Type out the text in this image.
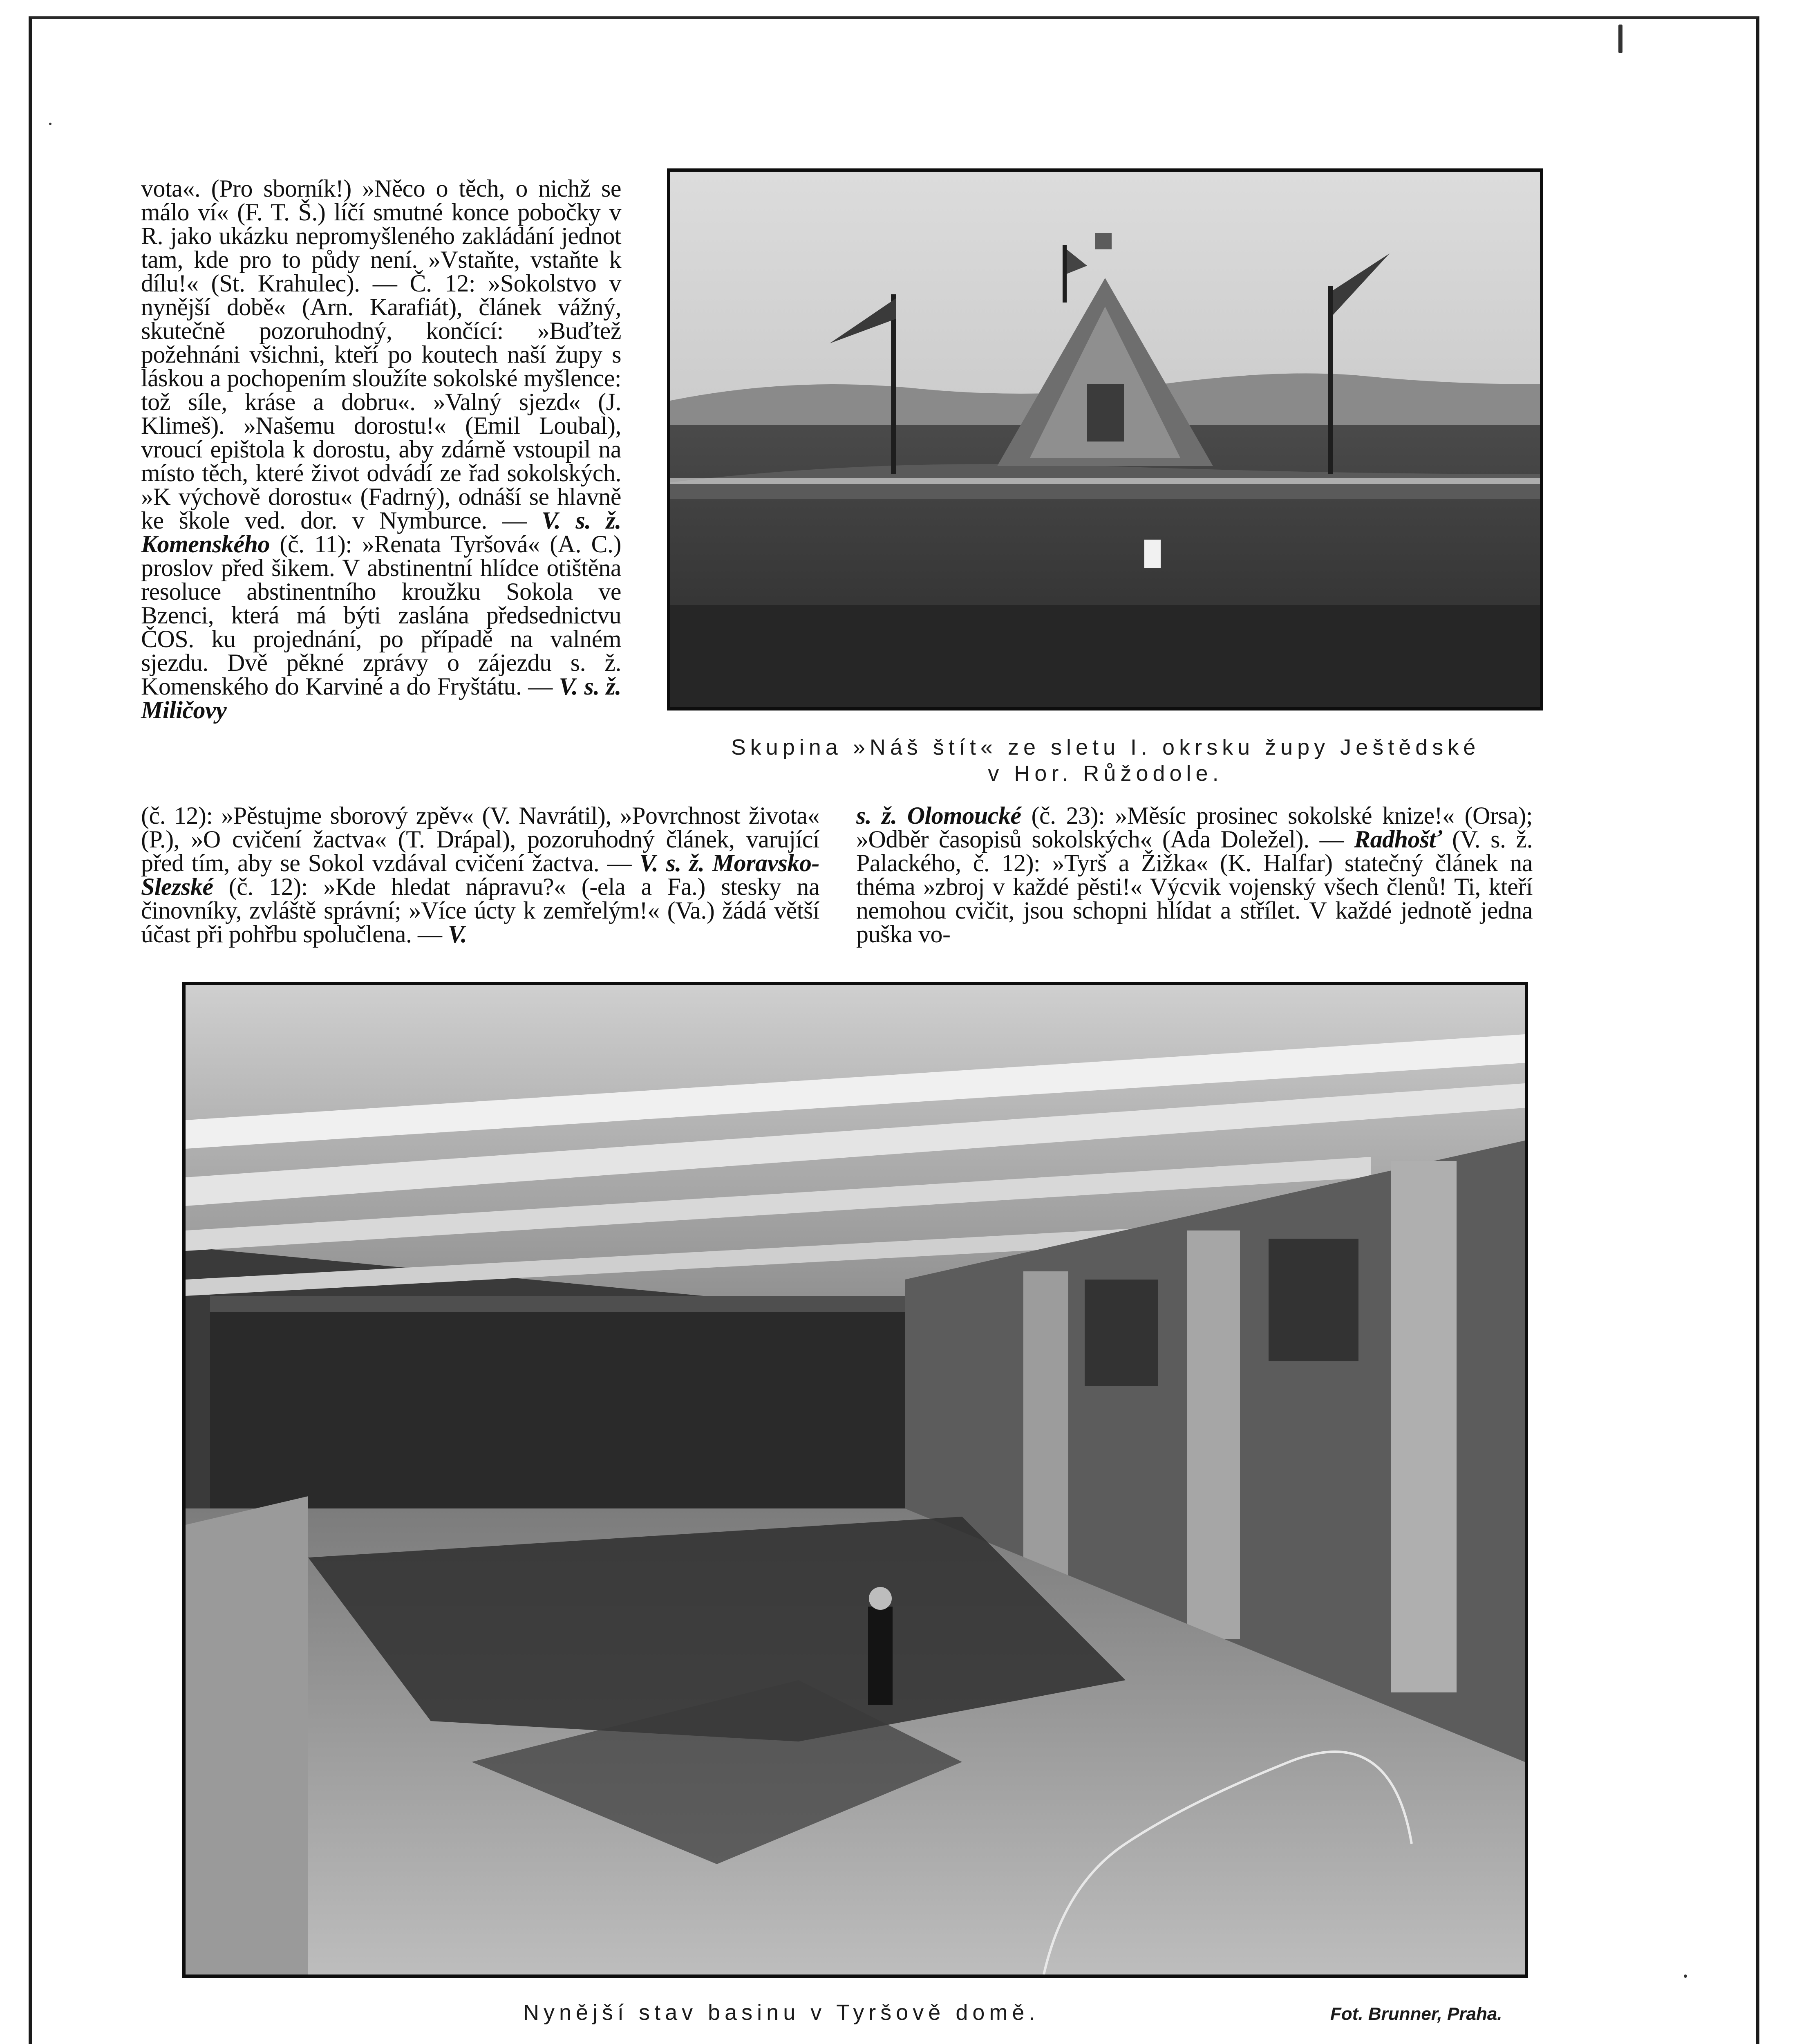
vota«. (Pro sborník!) »Něco o těch, o nichž se málo ví« (F. T. Š.) líčí smutné konce pobočky v R. jako ukázku nepromyšleného zakládání jednot tam, kde pro to půdy není. »Vstaňte, vstaňte k dílu!« (St. Krahulec). — Č. 12: »Sokolstvo v nynější době« (Arn. Karafiát), článek vážný, skutečně pozoruhodný, končící: »Buďtež požehnáni všichni, kteří po koutech naší župy s láskou a pochopením sloužíte sokolské myšlence: tož síle, kráse a dobru«. »Valný sjezd« (J. Klimeš). »Našemu dorostu!« (Emil Loubal), vroucí epištola k dorostu, aby zdárně vstoupil na místo těch, které život odvádí ze řad sokolských. »K výchově dorostu« (Fadrný), odnáší se hlavně ke škole ved. dor. v Nymburce. — V. s. ž. Komenského (č. 11): »Renata Tyršová« (A. C.) proslov před šikem. V abstinentní hlídce otištěna resoluce abstinentního kroužku Sokola ve Bzenci, která má býti zaslána předsednictvu ČOS. ku projednání, po případě na valném sjezdu. Dvě pěkné zprávy o zájezdu s. ž. Komenského do Karviné a do Fryštátu. — V. s. ž. Miličovy

Skupina »Náš štít« ze sletu I. okrsku župy Ještědské
v Hor. Růžodole.

(č. 12): »Pěstujme sborový zpěv« (V. Navrátil), »Povrchnost života« (P.), »O cvičení žactva« (T. Drápal), pozoruhodný článek, varující před tím, aby se Sokol vzdával cvičení žactva. — V. s. ž. Moravsko-Slezské (č. 12): »Kde hledat nápravu?« (-ela a Fa.) stesky na činovníky, zvláště správní; »Více úcty k zemřelým!« (Va.) žádá větší účast při pohřbu spolučlena. — V.

s. ž. Olomoucké (č. 23): »Měsíc prosinec sokolské knize!« (Orsa); »Odběr časopisů sokolských« (Ada Doležel). — Radhošť (V. s. ž. Palackého, č. 12): »Tyrš a Žižka« (K. Halfar) statečný článek na théma »zbroj v každé pěsti!« Výcvik vojenský všech členů! Ti, kteří nemohou cvičit, jsou schopni hlídat a střílet. V každé jednotě jedna puška vo-

Nynější stav basinu v Tyršově domě.	Fot. Brunner, Praha.
